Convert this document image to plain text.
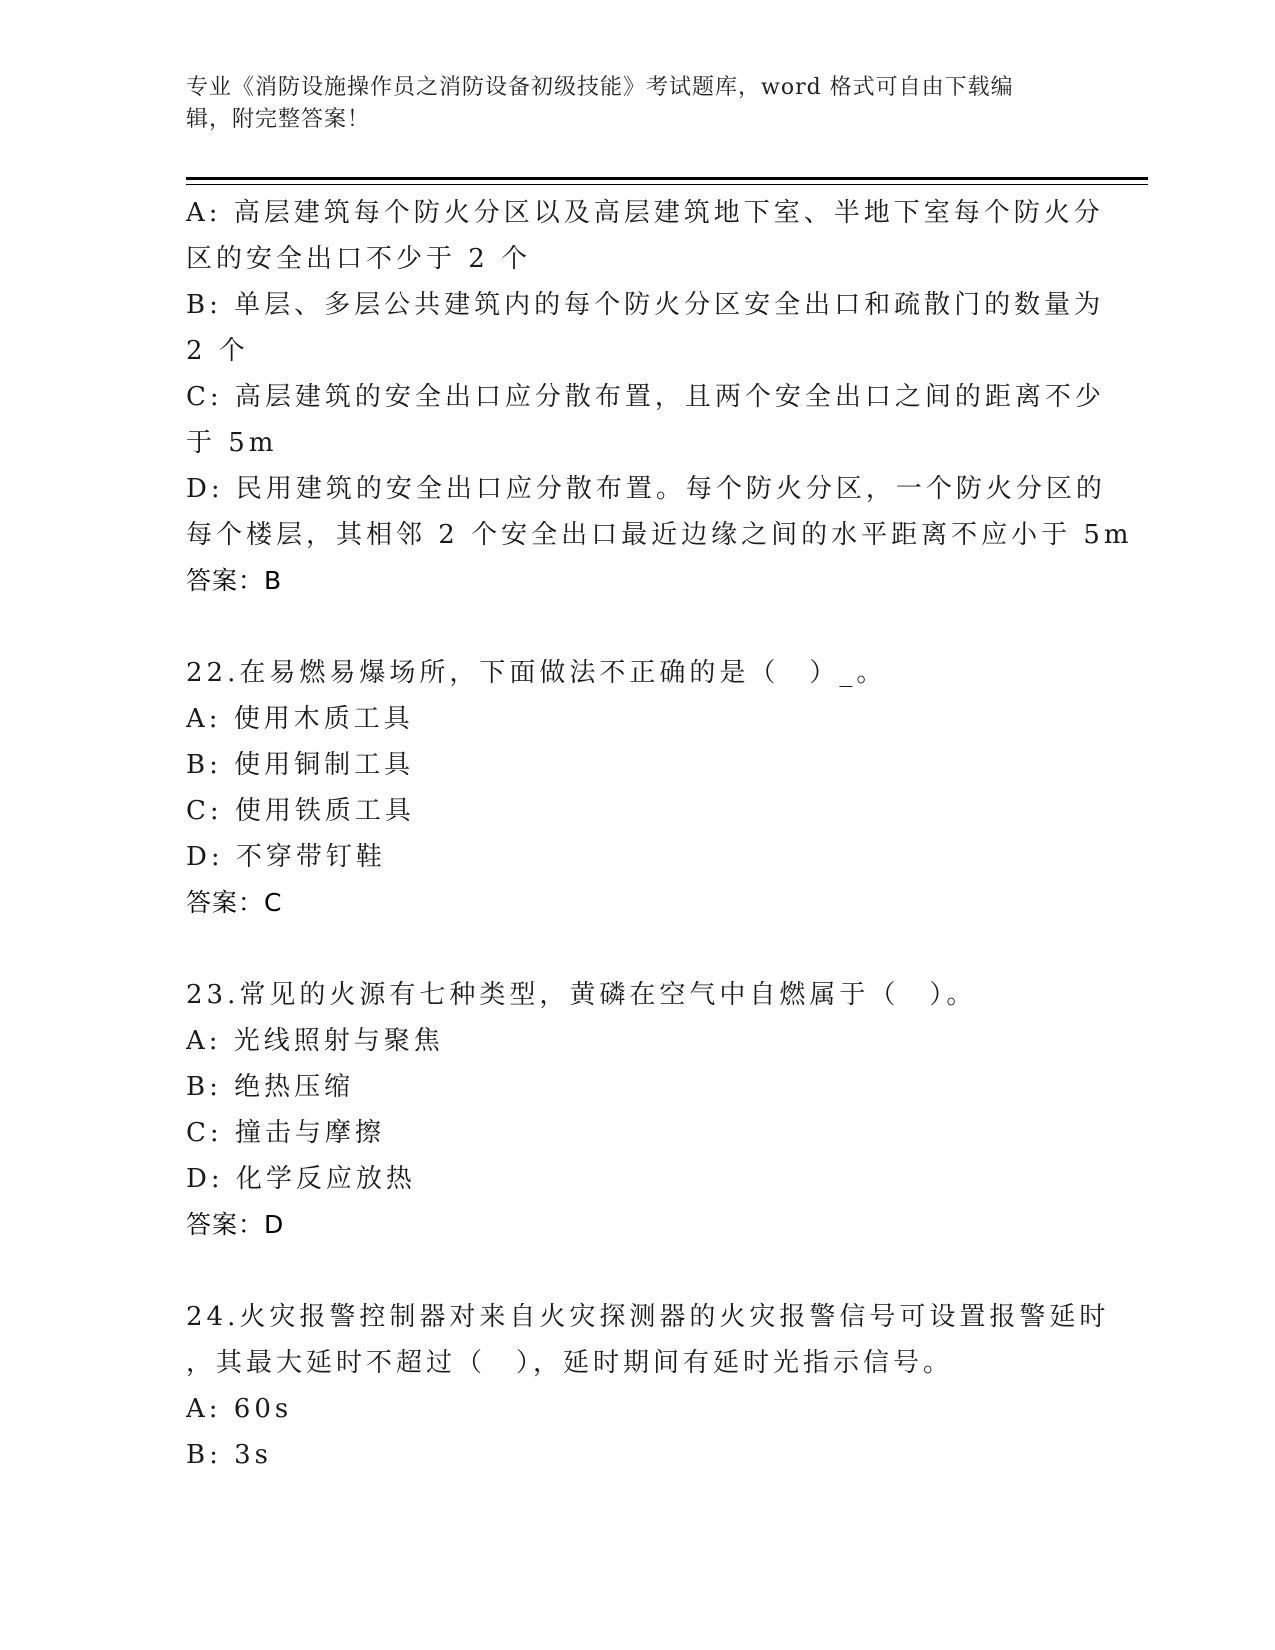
专业《消防设施操作员之消防设备初级技能》考试题库，word 格式可自由下载编
辑，附完整答案！
A: 高层建筑每个防火分区以及高层建筑地下室、半地下室每个防火分
区的安全出口不少于 2 个
B: 单层、多层公共建筑内的每个防火分区安全出口和疏散门的数量为
2 个
C: 高层建筑的安全出口应分散布置，且两个安全出口之间的距离不少
于 5m
D: 民用建筑的安全出口应分散布置。每个防火分区，一个防火分区的
每个楼层，其相邻 2 个安全出口最近边缘之间的水平距离不应小于 5m
答案：B
22.在易燃易爆场所，下面做法不正确的是（　）_。
A: 使用木质工具
B: 使用铜制工具
C: 使用铁质工具
D: 不穿带钉鞋
答案：C
23.常见的火源有七种类型，黄磷在空气中自燃属于（　）。
A: 光线照射与聚焦
B: 绝热压缩
C: 撞击与摩擦
D: 化学反应放热
答案：D
24.火灾报警控制器对来自火灾探测器的火灾报警信号可设置报警延时
，其最大延时不超过（　），延时期间有延时光指示信号。
A: 60s
B: 3s
